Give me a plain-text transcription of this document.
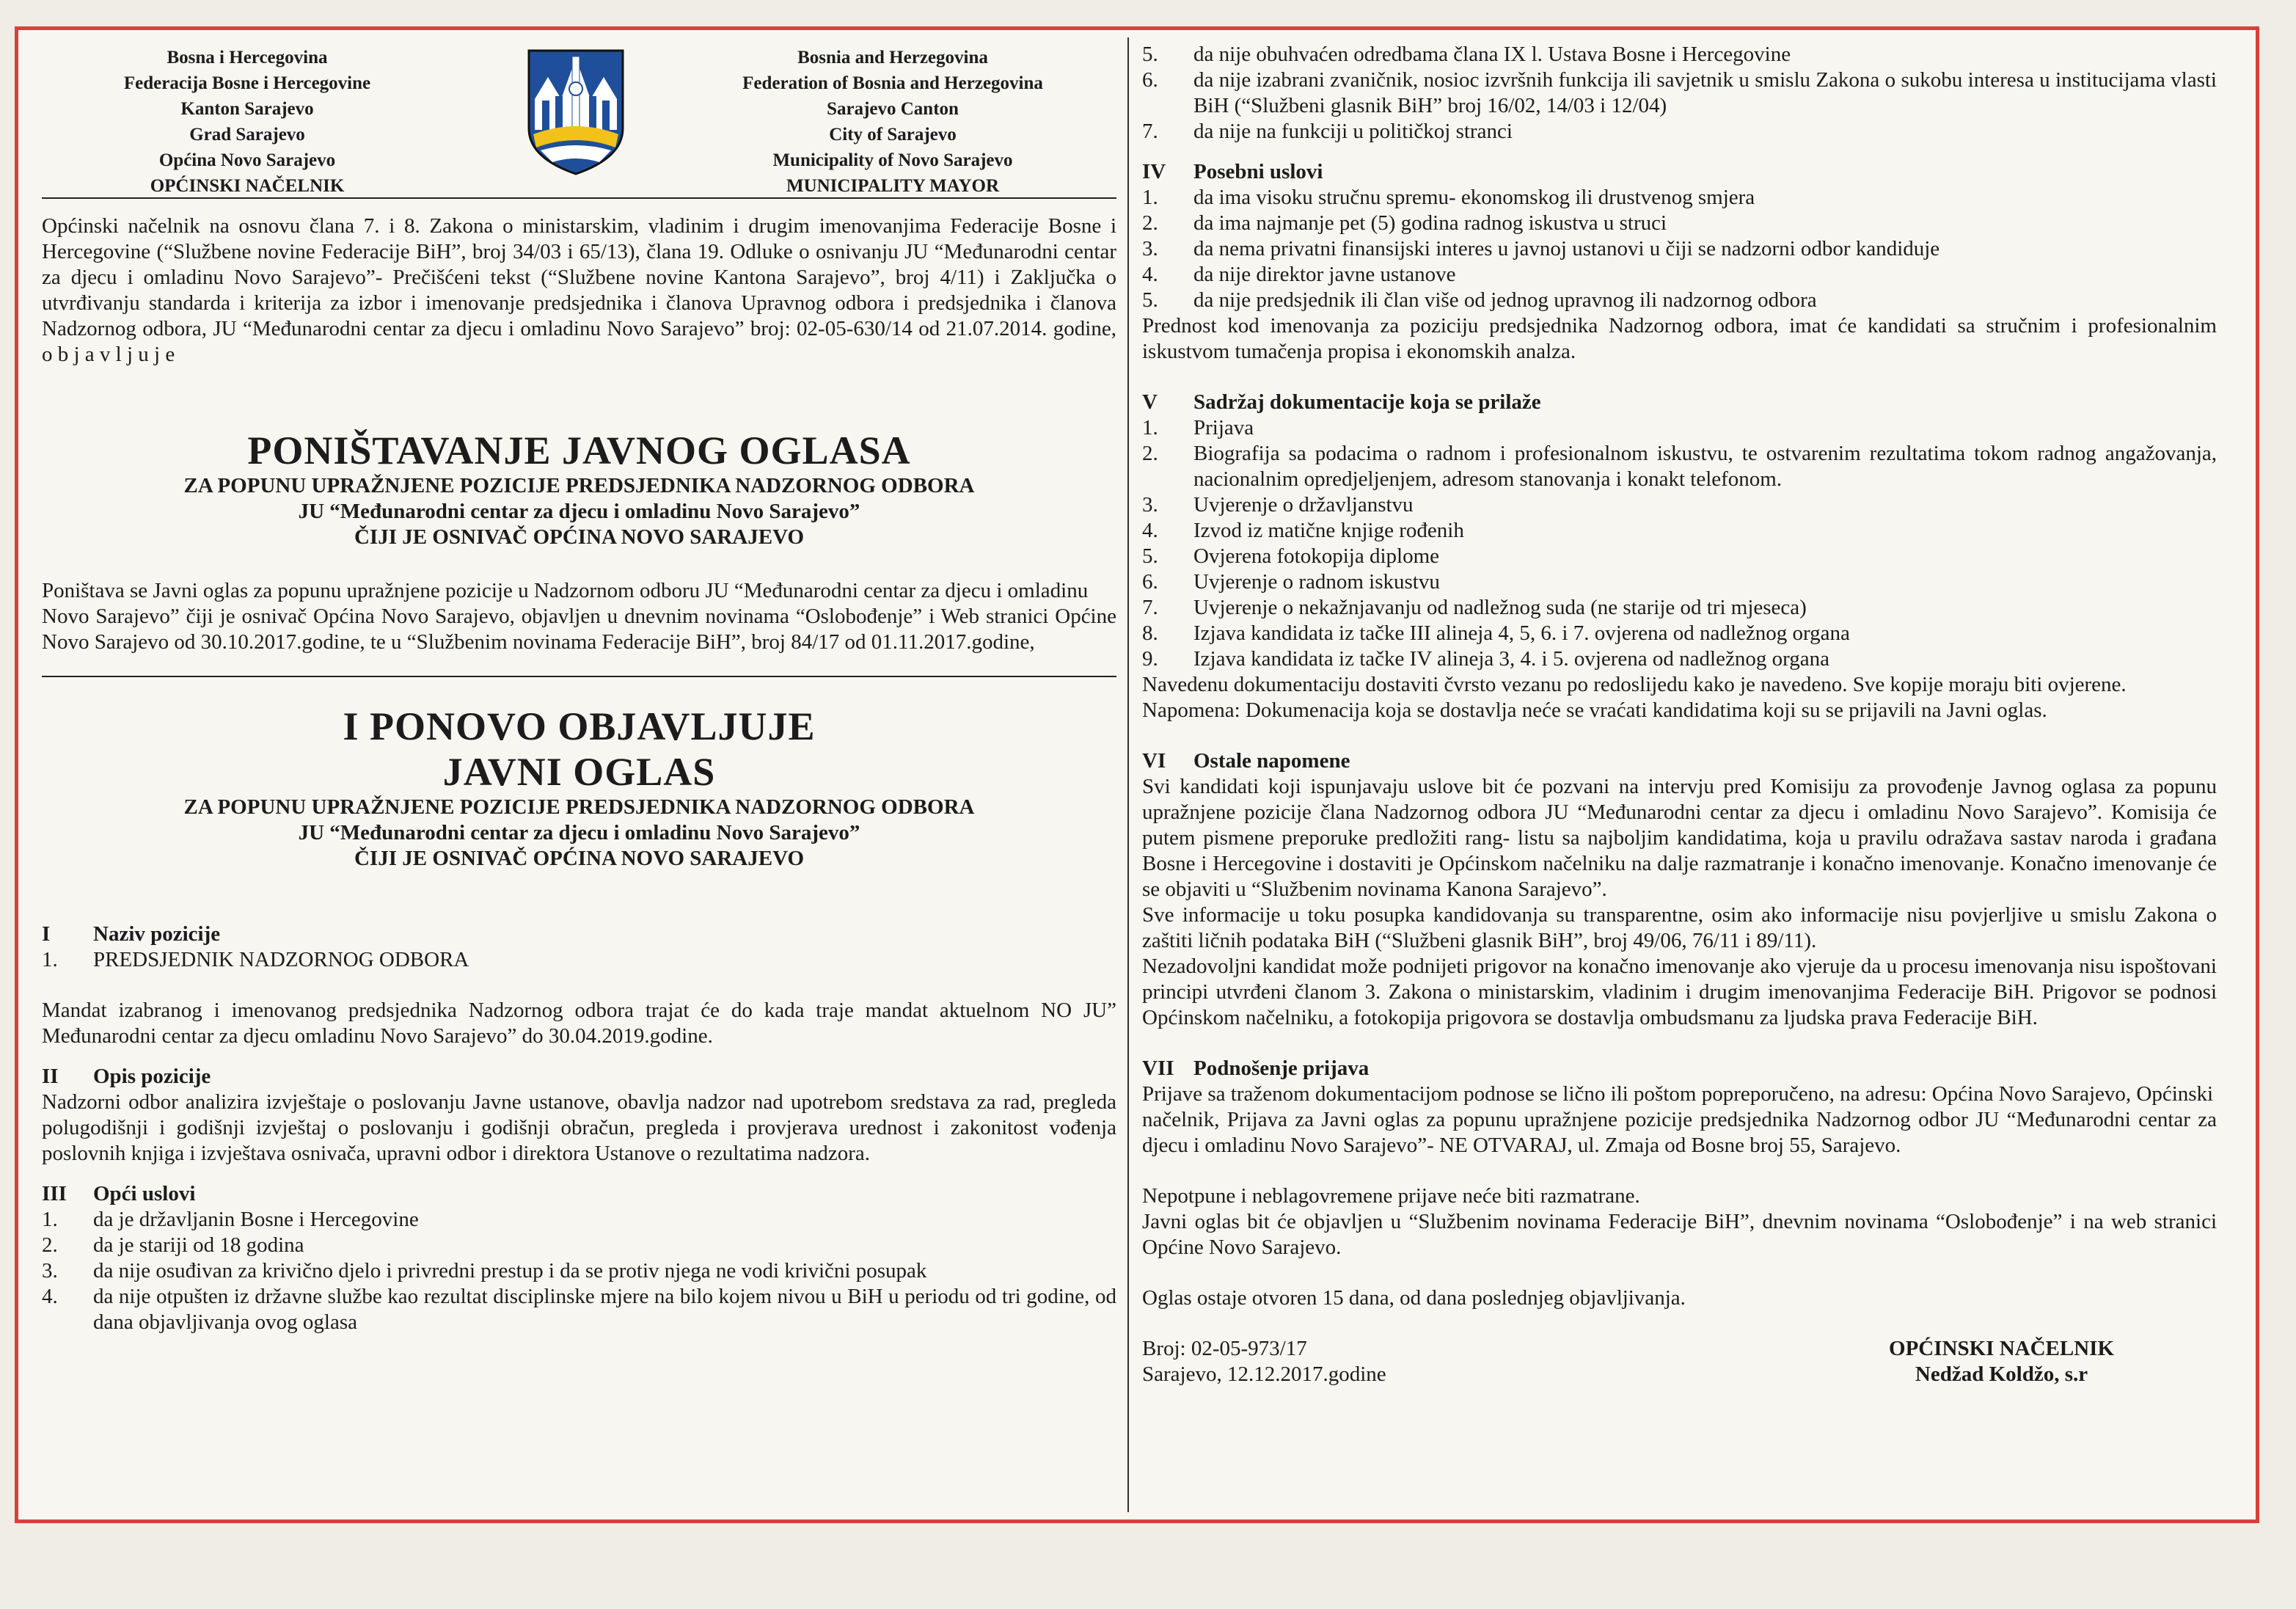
Bosna i Hercegovina
Federacija Bosne i Hercegovine
Kanton Sarajevo
Grad Sarajevo
Općina Novo Sarajevo
OPĆINSKI NAČELNIK
Bosnia and Herzegovina
Federation of Bosnia and Herzegovina
Sarajevo Canton
City of Sarajevo
Municipality of Novo Sarajevo
MUNICIPALITY MAYOR

Općinski načelnik na osnovu člana 7. i 8. Zakona o ministarskim, vladinim i drugim imenovanjima Federacije Bosne i Hercegovine (“Službene novine Federacije BiH”, broj 34/03 i 65/13), člana 19. Odluke o osnivanju JU “Međunarodni centar za djecu i omladinu Novo Sarajevo”- Prečišćeni tekst (“Službene novine Kantona Sarajevo”, broj 4/11) i Zaključka o utvrđivanju standarda i kriterija za izbor i imenovanje predsjednika i članova Upravnog odbora i predsjednika i članova Nadzornog odbora, JU “Međunarodni centar za djecu i omladinu Novo Sarajevo” broj: 02-05-630/14 od 21.07.2014. godine, o b j a v l j u j e

PONIŠTAVANJE JAVNOG OGLASA
ZA POPUNU UPRAŽNJENE POZICIJE PREDSJEDNIKA NADZORNOG ODBORA
JU “Međunarodni centar za djecu i omladinu Novo Sarajevo”
ČIJI JE OSNIVAČ OPĆINA NOVO SARAJEVO

Poništava se Javni oglas za popunu upražnjene pozicije u Nadzornom odboru JU “Međunarodni centar za djecu i omladinu

Novo Sarajevo” čiji je osnivač Općina Novo Sarajevo, objavljen u dnevnim novinama “Oslobođenje” i Web stranici Općine Novo Sarajevo od 30.10.2017.godine, te u “Službenim novinama Federacije BiH”, broj 84/17 od 01.11.2017.godine,

I PONOVO OBJAVLJUJE
JAVNI OGLAS
ZA POPUNU UPRAŽNJENE POZICIJE PREDSJEDNIKA NADZORNOG ODBORA
JU “Međunarodni centar za djecu i omladinu Novo Sarajevo”
ČIJI JE OSNIVAČ OPĆINA NOVO SARAJEVO
I Naziv pozicije
1.	PREDSJEDNIK NADZORNOG ODBORA

Mandat izabranog i imenovanog predsjednika Nadzornog odbora trajat će do kada traje mandat aktuelnom NO JU” Međunarodni centar za djecu omladinu Novo Sarajevo” do 30.04.2019.godine.

II Opis pozicije

Nadzorni odbor analizira izvještaje o poslovanju Javne ustanove, obavlja nadzor nad upotrebom sredstava za rad, pregleda polugodišnji i godišnji izvještaj o poslovanju i godišnji obračun, pregleda i provjerava urednost i zakonitost vođenja poslovnih knjiga i izvještava osnivača, upravni odbor i direktora Ustanove o rezultatima nadzora.

III Opći uslovi
1.	da je državljanin Bosne i Hercegovine
2.	da je stariji od 18 godina
3.	da nije osuđivan za krivično djelo i privredni prestup i da se protiv njega ne vodi krivični posupak
4.	da nije otpušten iz državne službe kao rezultat disciplinske mjere na bilo kojem nivou u BiH u periodu od tri godine, od dana objavljivanja ovog oglasa
5.	da nije obuhvaćen odredbama člana IX l. Ustava Bosne i Hercegovine
6.	da nije izabrani zvaničnik, nosioc izvršnih funkcija ili savjetnik u smislu Zakona o sukobu interesa u institucijama vlasti BiH (“Službeni glasnik BiH” broj 16/02, 14/03 i 12/04)
7.	da nije na funkciji u političkoj stranci
IV Posebni uslovi
1.	da ima visoku stručnu spremu- ekonomskog ili drustvenog smjera
2.	da ima najmanje pet (5) godina radnog iskustva u struci
3.	da nema privatni finansijski interes u javnoj ustanovi u čiji se nadzorni odbor kandiduje
4.	da nije direktor javne ustanove
5.	da nije predsjednik ili član više od jednog upravnog ili nadzornog odbora

Prednost kod imenovanja za poziciju predsjednika Nadzornog odbora, imat će kandidati sa stručnim i profesionalnim iskustvom tumačenja propisa i ekonomskih analza.

V Sadržaj dokumentacije koja se prilaže
1.	Prijava
2.	Biografija sa podacima o radnom i profesionalnom iskustvu, te ostvarenim rezultatima tokom radnog angažovanja, nacionalnim opredjeljenjem, adresom stanovanja i konakt telefonom.
3.	Uvjerenje o državljanstvu
4.	Izvod iz matične knjige rođenih
5.	Ovjerena fotokopija diplome
6.	Uvjerenje o radnom iskustvu
7.	Uvjerenje o nekažnjavanju od nadležnog suda (ne starije od tri mjeseca)
8.	Izjava kandidata iz tačke III alineja 4, 5, 6. i 7. ovjerena od nadležnog organa
9.	Izjava kandidata iz tačke IV alineja 3, 4. i 5. ovjerena od nadležnog organa

Navedenu dokumentaciju dostaviti čvrsto vezanu po redoslijedu kako je navedeno. Sve kopije moraju biti ovjerene.

Napomena: Dokumenacija koja se dostavlja neće se vraćati kandidatima koji su se prijavili na Javni oglas.

VI Ostale napomene

Svi kandidati koji ispunjavaju uslove bit će pozvani na intervju pred Komisiju za provođenje Javnog oglasa za popunu upražnjene pozicije člana Nadzornog odbora JU “Međunarodni centar za djecu i omladinu Novo Sarajevo”. Komisija će putem pismene preporuke predložiti rang- listu sa najboljim kandidatima, koja u pravilu odražava sastav naroda i građana Bosne i Hercegovine i dostaviti je Općinskom načelniku na dalje razmatranje i konačno imenovanje. Konačno imenovanje će se objaviti u “Službenim novinama Kanona Sarajevo”.

Sve informacije u toku posupka kandidovanja su transparentne, osim ako informacije nisu povjerljive u smislu Zakona o zaštiti ličnih podataka BiH (“Službeni glasnik BiH”, broj 49/06, 76/11 i 89/11).

Nezadovoljni kandidat može podnijeti prigovor na konačno imenovanje ako vjeruje da u procesu imenovanja nisu ispoštovani principi utvrđeni članom 3. Zakona o ministarskim, vladinim i drugim imenovanjima Federacije BiH. Prigovor se podnosi Općinskom načelniku, a fotokopija prigovora se dostavlja ombudsmanu za ljudska prava Federacije BiH.

VII Podnošenje prijava

Prijave sa traženom dokumentacijom podnose se lično ili poštom popreporučeno, na adresu: Općina Novo Sarajevo, Općinski

načelnik, Prijava za Javni oglas za popunu upražnjene pozicije predsjednika Nadzornog odbor JU “Međunarodni centar za djecu i omladinu Novo Sarajevo”- NE OTVARAJ, ul. Zmaja od Bosne broj 55, Sarajevo.

Nepotpune i neblagovremene prijave neće biti razmatrane.

Javni oglas bit će objavljen u “Službenim novinama Federacije BiH”, dnevnim novinama “Oslobođenje” i na web stranici Općine Novo Sarajevo.

Oglas ostaje otvoren 15 dana, od dana poslednjeg objavljivanja.

Broj: 02-05-973/17
Sarajevo, 12.12.2017.godine
OPĆINSKI NAČELNIK
Nedžad Koldžo, s.r
